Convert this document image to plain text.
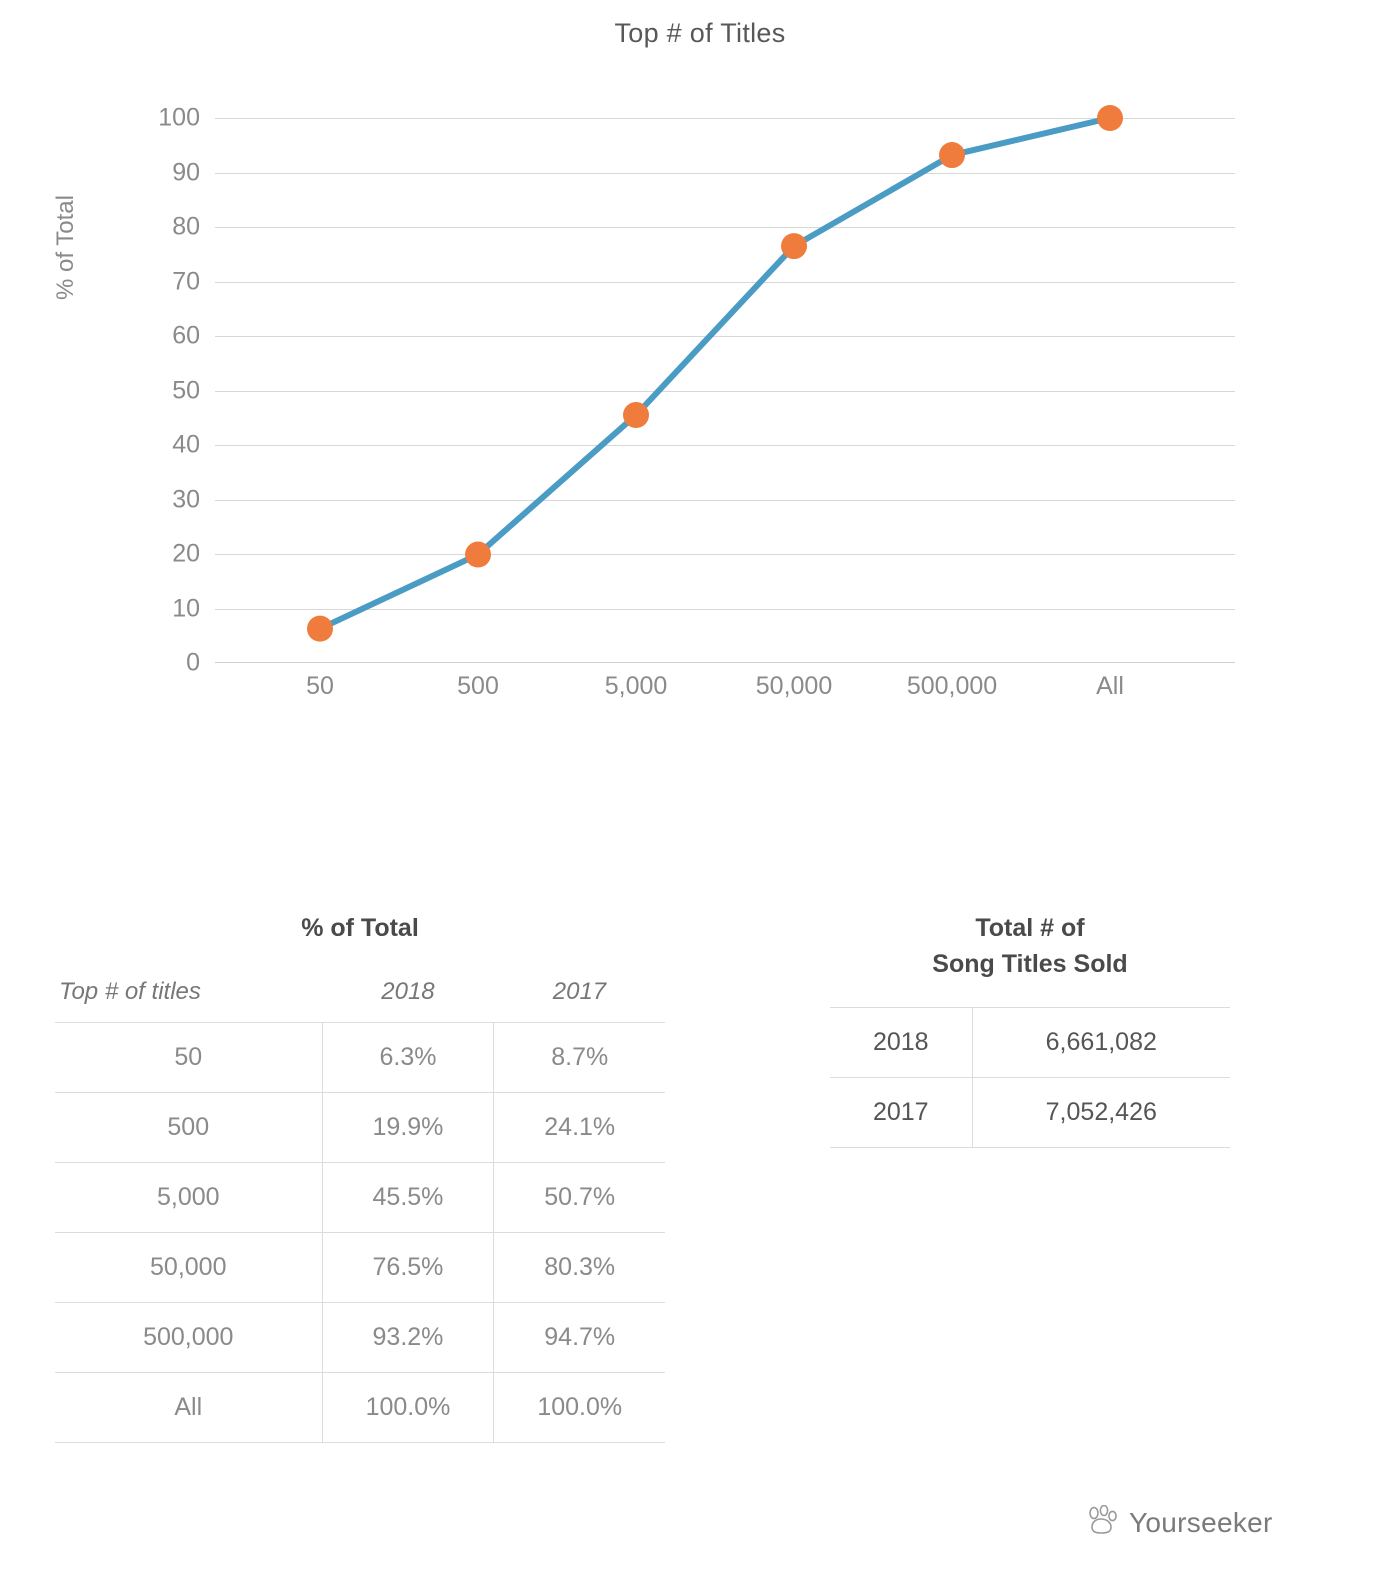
Top # of Titles
% of Total
0
10
20
30
40
50
60
70
80
90
100
50	500	5,000	50,000	500,000	All
% of Total
Top # of titles	2018	2017
50	6.3%	8.7%
500	19.9%	24.1%
5,000	45.5%	50.7%
50,000	76.5%	80.3%
500,000	93.2%	94.7%
All	100.0%	100.0%
Total # of
Song Titles Sold
2018	6,661,082
2017	7,052,426
Yourseeker
